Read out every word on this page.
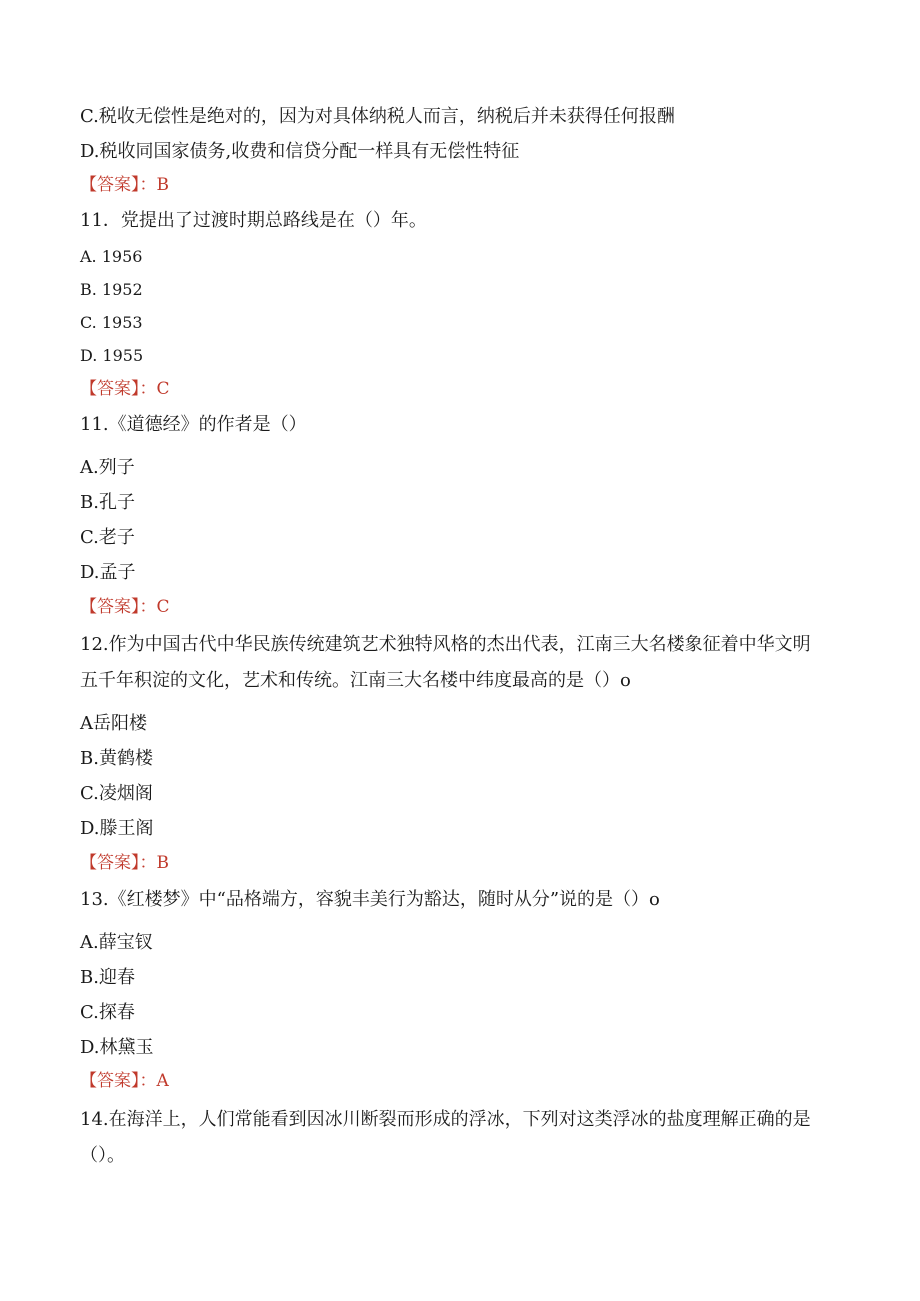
C.税收无偿性是绝对的，因为对具体纳税人而言，纳税后并未获得任何报酬
D.税收同国家债务,收费和信贷分配一样具有无偿性特征
【答案】：B
11．党提出了过渡时期总路线是在（）年。
A. 1956
B. 1952
C. 1953
D. 1955
【答案】：C
11.《道德经》的作者是（）
A.列子
B.孔子
C.老子
D.孟子
【答案】：C
12.作为中国古代中华民族传统建筑艺术独特风格的杰出代表，江南三大名楼象征着中华文明
五千年积淀的文化，艺术和传统。江南三大名楼中纬度最高的是（）o
A岳阳楼
B.黄鹤楼
C.凌烟阁
D.滕王阁
【答案】：B
13.《红楼梦》中“品格端方，容貌丰美行为豁达，随时从分”说的是（）o
A.薛宝钗
B.迎春
C.探春
D.林黛玉
【答案】：A
14.在海洋上，人们常能看到因冰川断裂而形成的浮冰，下列对这类浮冰的盐度理解正确的是
（）。
